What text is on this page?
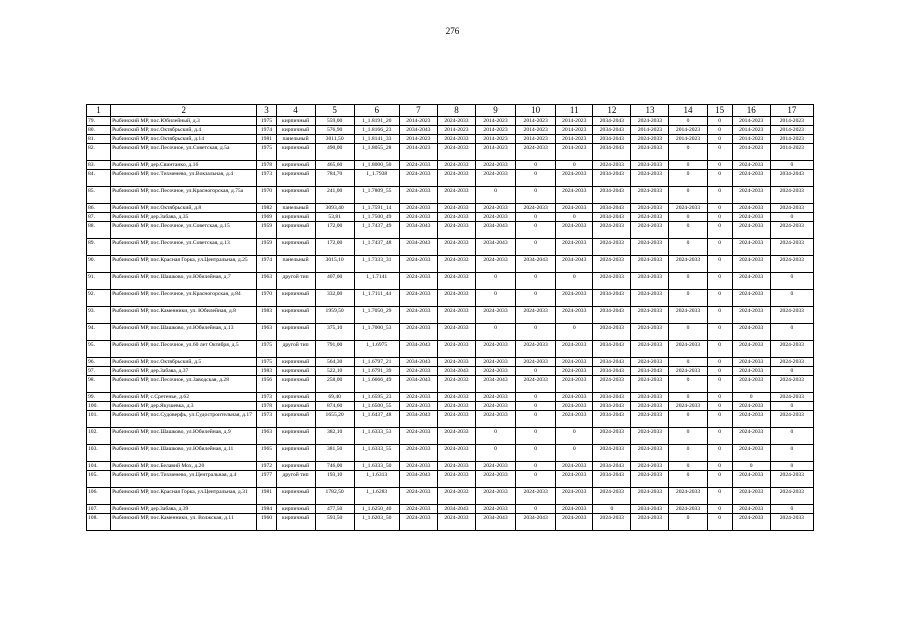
276
1	2	3	4	5	6	7	8	9	10	11	12	13	14	15	16	17
79.	Рыбинский МР, пос.Юбилейный, д.3	1975	кирпичный	559,00	1_1.8191_20	2014-2023	2024-2033	2014-2023	2014-2023	2014-2023	2034-2043	2024-2033	0	0	2014-2023	2014-2023
80.	Рыбинский МР, пос.Октябрьский, д.4	1974	кирпичный	576,90	1_1.8166_23	2034-2043	2014-2023	2014-2023	2014-2023	2014-2023	2034-2043	2014-2023	2014-2023	0	2014-2023	2014-2023
81.	Рыбинский МР, пос.Октябрьский, д.14	1981	панельный	3011,50	1_1.8141_33	2014-2023	2024-2033	2014-2023	2014-2023	2014-2023	2034-2043	2024-2033	2014-2023	0	2014-2023	2014-2023
82.	Рыбинский МР, пос.Песочное, ул.Советская, д.5а	1975	кирпичный	490,00	1_1.8055_28	2014-2023	2024-2033	2014-2023	2024-2033	2014-2023	2034-2043	2024-2033	0	0	2014-2023	2014-2023
83.	Рыбинский МР, дер.Свинтанко, д.16	1978	кирпичный	465,60	1_1.8000_50	2024-2033	2024-2033	2024-2033	0	0	2024-2033	2024-2033	0	0	2024-2033	0
84.	Рыбинский МР, пос.Тихменево, ул.Вокзальная, д.4	1973	кирпичный	784,70	1_1.7938	2024-2033	2024-2033	2024-2033	0	2024-2033	2034-2043	2024-2033	0	0	2024-2033	2034-2043
85.	Рыбинский МР, пос.Песочное, ул.Красногорская, д.75а	1970	кирпичный	241,00	1_1.7809_55	2024-2033	2024-2033	0	0	2024-2033	2034-2043	2024-2033	0	0	2024-2033	2024-2033
86.	Рыбинский МР, пос.Октябрьский, д.8	1982	панельный	3093,40	1_1.7591_14	2024-2033	2024-2033	2024-2033	2024-2033	2024-2033	2034-2043	2024-2033	2024-2033	0	2024-2033	2024-2033
87.	Рыбинский МР, дер.Забава, д.35	1969	кирпичный	53,81	1_1.7500_49	2024-2033	2024-2033	2024-2033	0	0	2034-2043	2024-2033	0	0	2024-2033	0
88.	Рыбинский МР, пос.Песочное, ул.Советская, д.15	1959	кирпичный	172,00	1_1.7437_49	2034-2043	2024-2033	2034-2043	0	2024-2033	2024-2033	2024-2033	0	0	2024-2033	2024-2033
89.	Рыбинский МР, пос.Песочное, ул.Советская, д.13	1959	кирпичный	172,00	1_1.7437_48	2034-2043	2024-2033	2034-2043	0	2024-2033	2024-2033	2024-2033	0	0	2024-2033	2024-2033
90.	Рыбинский МР, пос.Красная Горка, ул.Центральная, д.25	1974	панельный	3015,10	1_1.7333_31	2024-2033	2024-2033	2024-2033	2034-2043	2034-2043	2024-2033	2024-2033	2024-2033	0	2024-2033	2024-2033
91.	Рыбинский МР, пос.Шашково, ул.Юбилейная, д.7	1963	другой тип	407,00	1_1.7141	2024-2033	2024-2033	0	0	0	2024-2033	2024-2033	0	0	2024-2033	0
92.	Рыбинский МР, пос.Песочное, ул.Красногорская, д.84	1970	кирпичный	332,00	1_1.7111_44	2024-2033	2024-2033	0	0	2024-2033	2034-2043	2024-2033	0	0	2024-2033	0
93.	Рыбинский МР, пос.Каменники, ул. Юбилейная, д.8	1983	кирпичный	1959,50	1_1.7050_29	2024-2033	2024-2033	2024-2033	2024-2033	2024-2033	2034-2043	2024-2033	2024-2033	0	2024-2033	2024-2033
94.	Рыбинский МР, пос.Шашково, ул.Юбилейная, д.13	1963	кирпичный	375,10	1_1.7000_53	2024-2033	2024-2033	0	0	0	2024-2033	2024-2033	0	0	2024-2033	0
95.	Рыбинский МР, пос.Песочное, ул.60 лет Октября, д.5	1975	другой тип	791,00	1_1.6975	2034-2043	2024-2033	2024-2033	2024-2033	2024-2033	2034-2043	2024-2033	2024-2033	0	2024-2033	2024-2033
96.	Рыбинский МР, пос.Октябрьский, д.5	1975	кирпичный	564,30	1_1.6797_21	2034-2043	2024-2033	2024-2033	2024-2033	2024-2033	2034-2043	2024-2033	0	0	2024-2033	2024-2033
97.	Рыбинский МР, дер.Забава, д.37	1983	кирпичный	522,10	1_1.6791_39	2024-2033	2034-2043	2024-2033	0	2024-2033	2034-2043	2034-2043	2024-2033	0	2024-2033	0
98.	Рыбинский МР, пос.Песочное, ул.Заводская, д.28	1956	кирпичный	258,00	1_1.6666_49	2034-2043	2024-2033	2034-2043	2024-2033	2024-2033	2024-2033	2024-2033	0	0	2024-2033	2024-2033
99.	Рыбинский МР, с.Сретенье, д.62	1973	кирпичный	69,40	1_1.6595_23	2024-2033	2024-2033	2024-2033	0	2024-2033	2034-2043	2024-2033	0	0	0	2024-2033
100.	Рыбинский МР, дер.Якушевка, д.3	1978	кирпичный	874,60	1_1.6500_55	2024-2033	2024-2033	2024-2033	0	2024-2033	2034-2043	2024-2033	2024-2033	0	2024-2033	0
101.	Рыбинский МР, пос.Судоверфь, ул.Судостроительная, д.17	1973	кирпичный	1655,20	1_1.6437_48	2034-2043	2024-2033	2024-2033	0	2024-2033	2034-2043	2024-2033	0	0	2024-2033	2024-2033
102.	Рыбинский МР, пос.Шашково, ул.Юбилейная, д.9	1963	кирпичный	382,10	1_1.6333_53	2024-2033	2024-2033	0	0	0	2024-2033	2024-2033	0	0	2024-2033	0
103.	Рыбинский МР, пос.Шашково, ул.Юбилейная, д.11	1965	кирпичный	381,50	1_1.6333_55	2024-2033	2024-2033	0	0	0	2024-2033	2024-2033	0	0	2024-2033	0
104.	Рыбинский МР, пос.Белавий Мох, д.20	1972	кирпичный	746,00	1_1.6333_50	2024-2033	2024-2033	2024-2033	0	2024-2033	2034-2043	2024-2033	0	0	0	0
105.	Рыбинский МР, пос.Тихменево, ул.Центральная, д.4	1977	другой тип	193,10	1_1.6313	2034-2043	2024-2033	2024-2033	0	2024-2033	2034-2043	2024-2033	0	0	2024-2033	2024-2033
106.	Рыбинский МР, пос.Красная Горка, ул.Центральная, д.31	1981	кирпичный	1782,50	1_1.6283	2024-2033	2024-2033	2024-2033	2024-2033	2024-2033	2024-2033	2024-2033	2024-2033	0	2024-2033	2024-2033
107.	Рыбинский МР, дер.Забава, д.39	1984	кирпичный	477,50	1_1.6250_40	2024-2033	2034-2043	2024-2033	0	2024-2033	0	2034-2043	2024-2033	0	2024-2033	0
108.	Рыбинский МР, пос.Каменники, ул. Волжская, д.11	1960	кирпичный	593,50	1_1.6203_50	2024-2033	2024-2033	2034-2043	2034-2043	2024-2033	2024-2033	2024-2033	0	0	2024-2033	2024-2033
